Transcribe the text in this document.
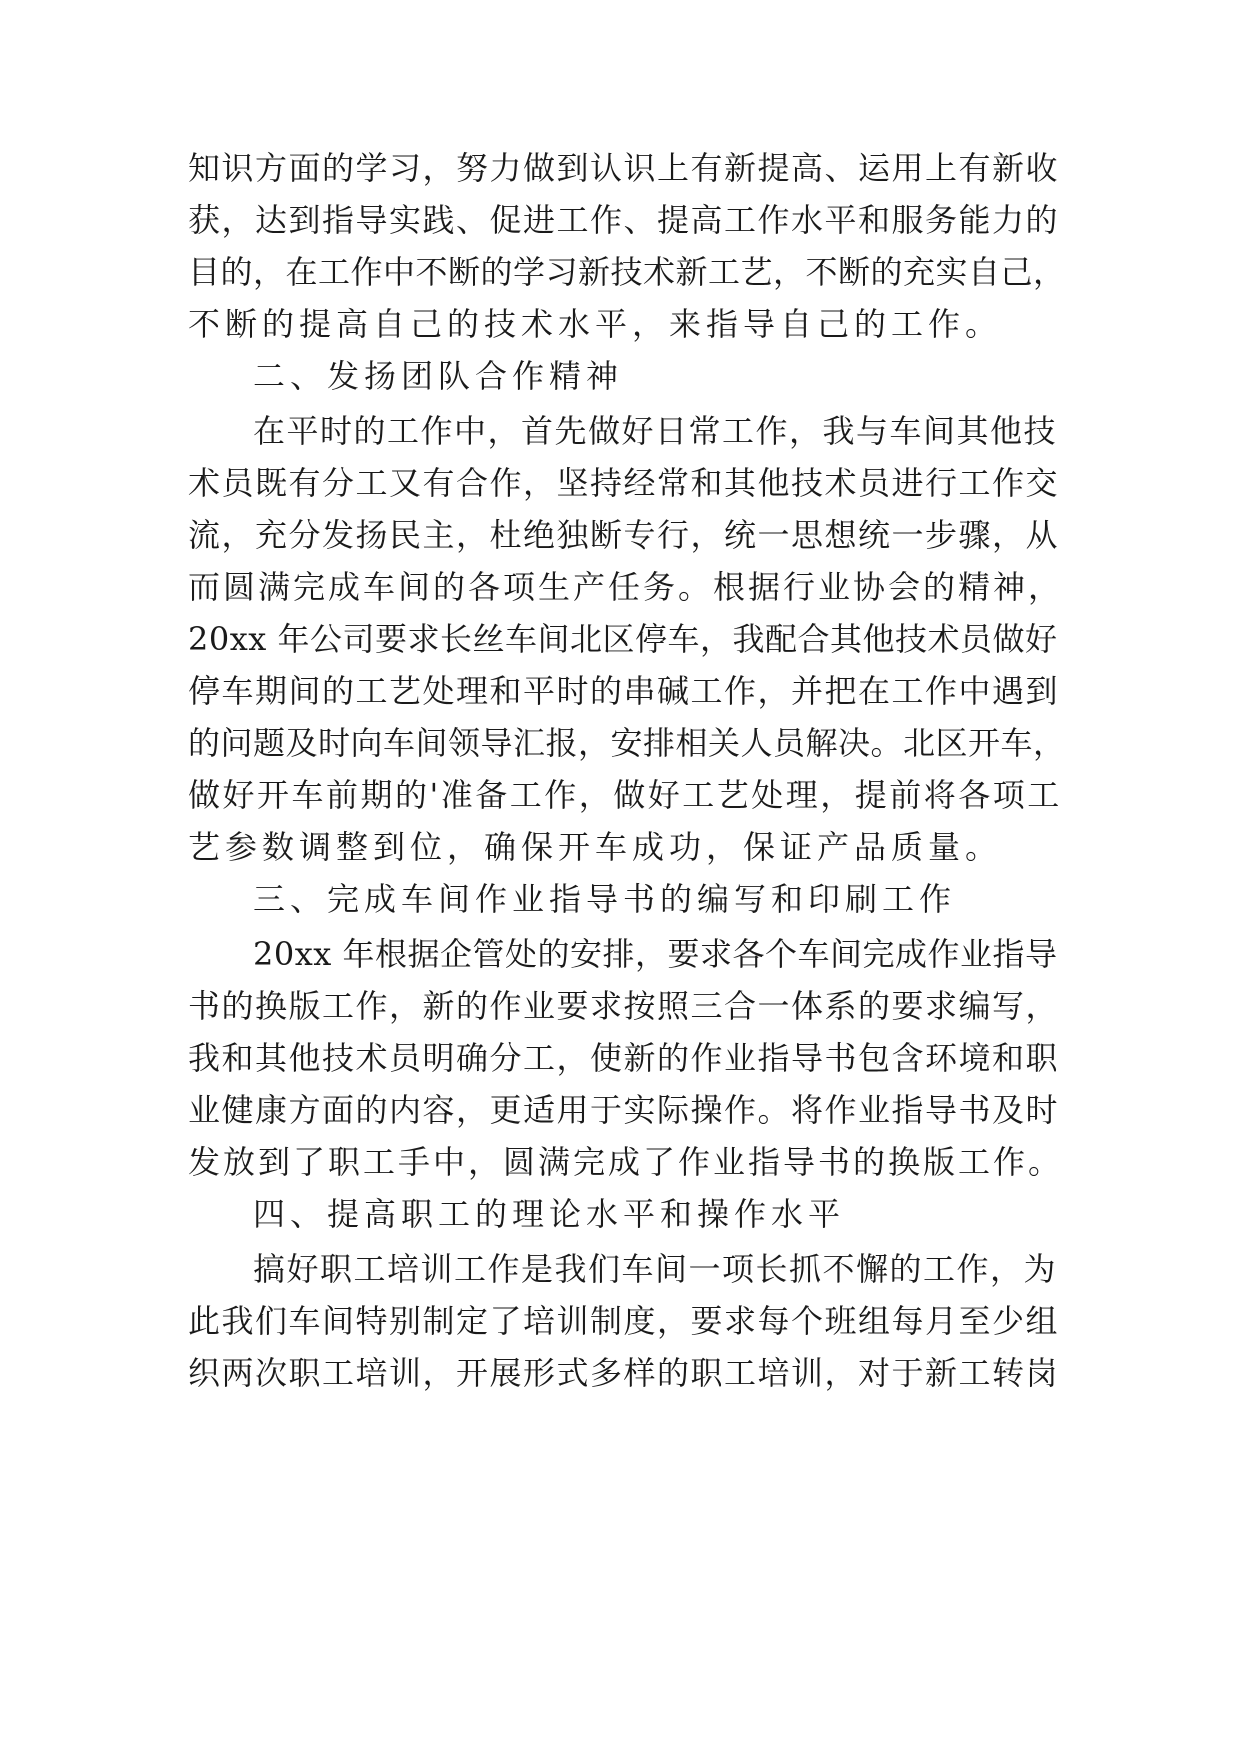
知识方面的学习，努力做到认识上有新提高、运用上有新收
获，达到指导实践、促进工作、提高工作水平和服务能力的
目的，在工作中不断的学习新技术新工艺，不断的充实自己，
不断的提高自己的技术水平，来指导自己的工作。
二、发扬团队合作精神
在平时的工作中，首先做好日常工作，我与车间其他技
术员既有分工又有合作，坚持经常和其他技术员进行工作交
流，充分发扬民主，杜绝独断专行，统一思想统一步骤，从
而圆满完成车间的各项生产任务。根据行业协会的精神，
20xx 年公司要求长丝车间北区停车，我配合其他技术员做好
停车期间的工艺处理和平时的串碱工作，并把在工作中遇到
的问题及时向车间领导汇报，安排相关人员解决。北区开车，
做好开车前期的'准备工作，做好工艺处理，提前将各项工
艺参数调整到位，确保开车成功，保证产品质量。
三、完成车间作业指导书的编写和印刷工作
20xx 年根据企管处的安排，要求各个车间完成作业指导
书的换版工作，新的作业要求按照三合一体系的要求编写，
我和其他技术员明确分工，使新的作业指导书包含环境和职
业健康方面的内容，更适用于实际操作。将作业指导书及时
发放到了职工手中，圆满完成了作业指导书的换版工作。
四、提高职工的理论水平和操作水平
搞好职工培训工作是我们车间一项长抓不懈的工作，为
此我们车间特别制定了培训制度，要求每个班组每月至少组
织两次职工培训，开展形式多样的职工培训，对于新工转岗
